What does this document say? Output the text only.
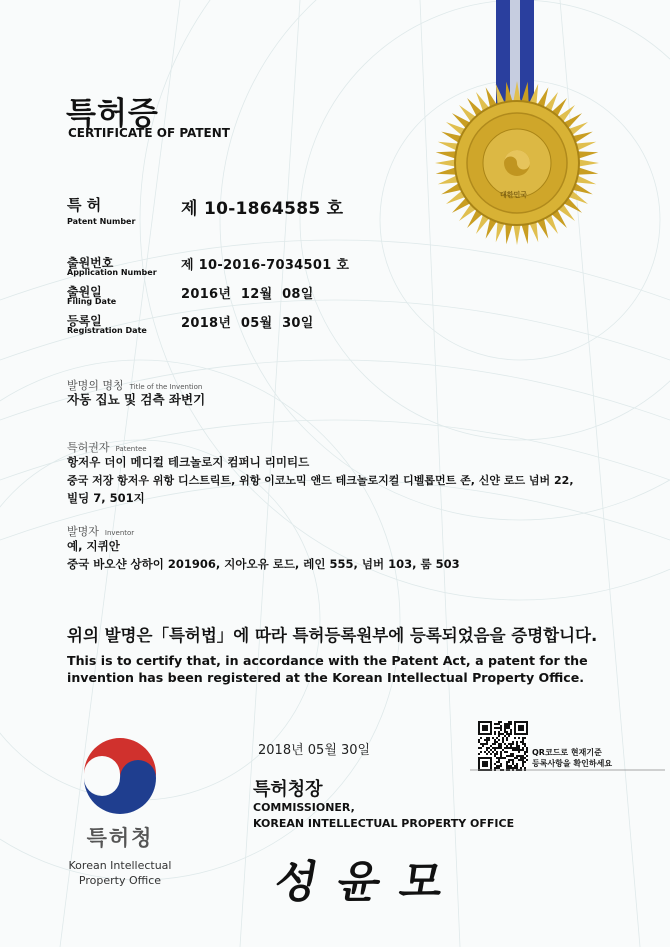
대한민국
특허증
CERTIFICATE OF PATENT
특 허
Patent Number
제 10-1864585 호
출원번호
Application Number 제 10-2016-7034501 호
출원일
Filing Date	2016년  12월  08일
등록일
Registration Date	2018년  05월  30일
발명의 명칭 Title of the Invention
자동 집뇨 및 검측 좌변기
특허권자 Patentee
항저우 더이 메디컬 테크놀로지 컴퍼니 리미티드
중국 저장 항저우 위항 디스트릭트, 위항 이코노믹 앤드 테크놀로지컬 디벨롭먼트 존, 신얀 로드 넘버 22,
빌딩 7, 501지
발명자 Inventor
예, 지퀴안
중국 바오샨 상하이 201906, 지아오유 로드, 레인 555, 넘버 103, 룸 503
위의 발명은「특허법」에 따라 특허등록원부에 등록되었음을 증명합니다.
This is to certify that, in accordance with the Patent Act, a patent for the invention has been registered at the Korean Intellectual Property Office.
2018년 05월 30일	QR코드로 현재기준
등록사항을 확인하세요
특허청장
COMMISSIONER,
KOREAN INTELLECTUAL PROPERTY OFFICE
성윤모
특허청
Korean Intellectual
Property Office
